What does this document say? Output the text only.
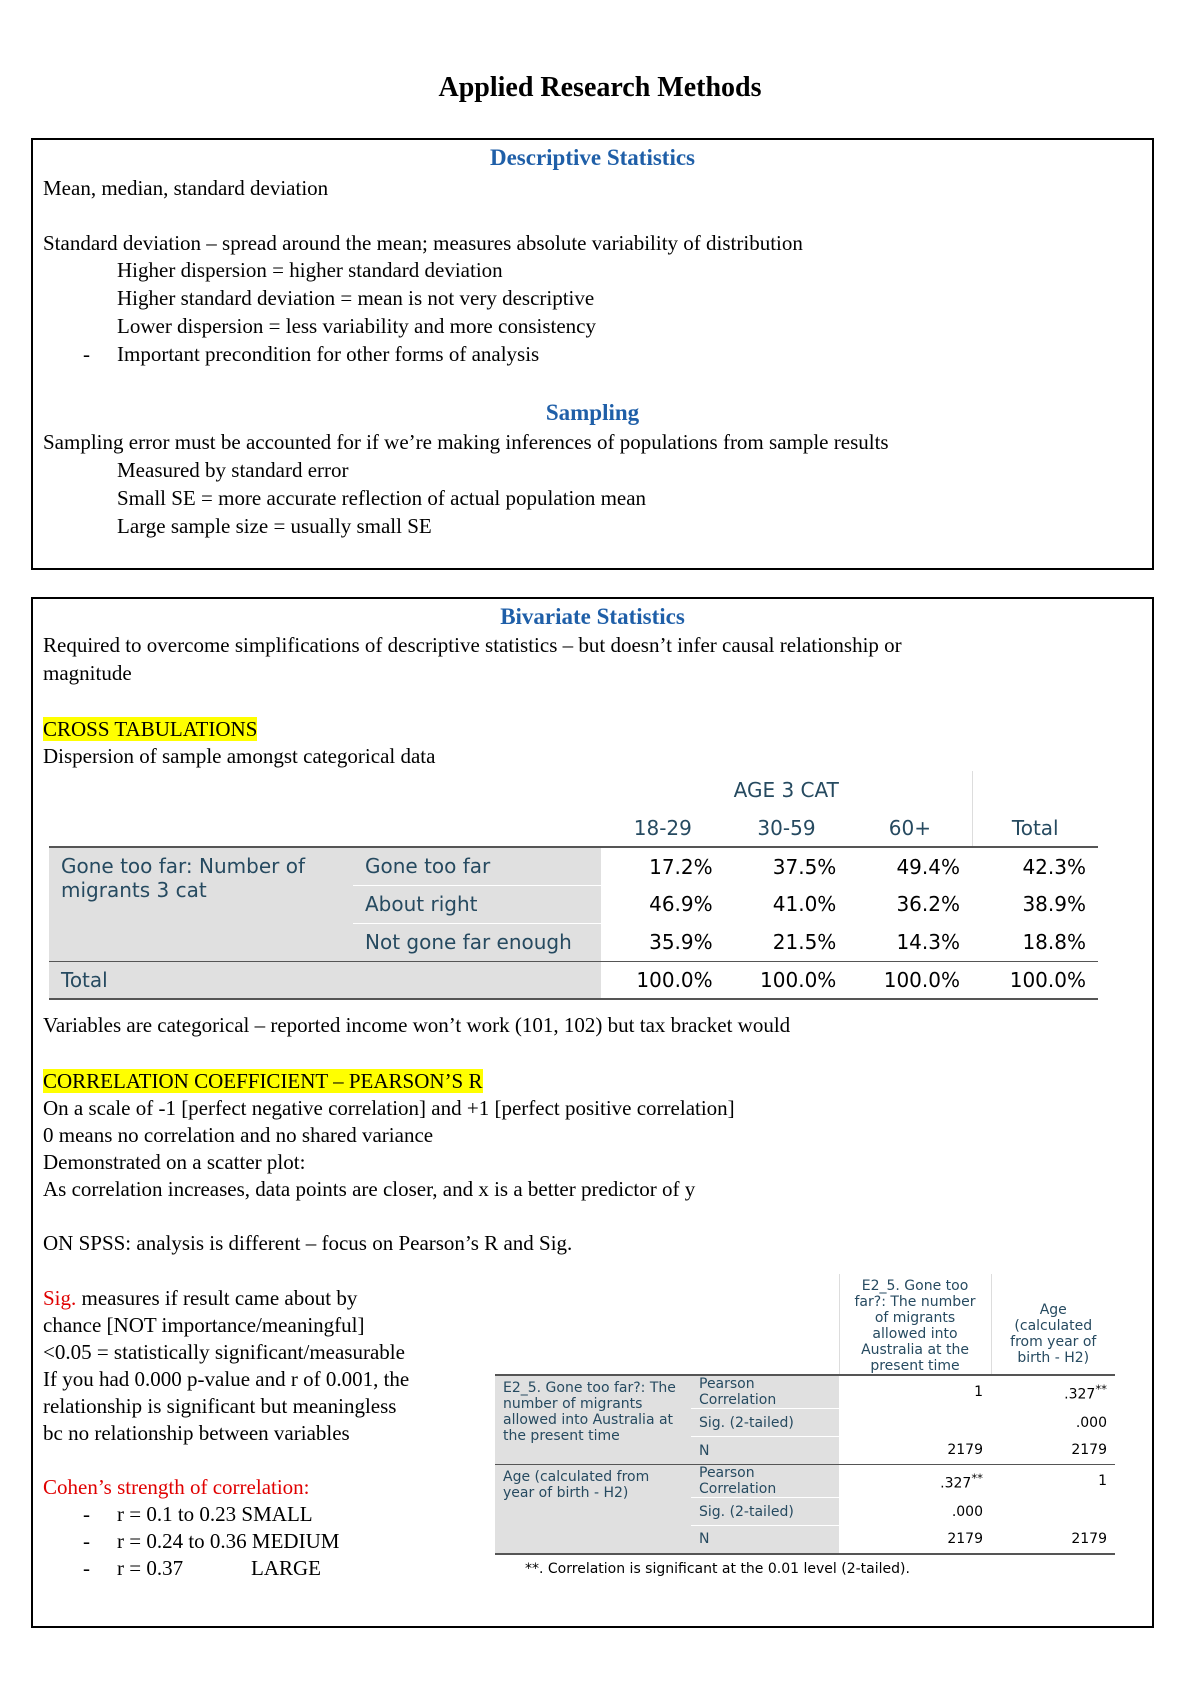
Applied Research Methods
Descriptive Statistics
Mean, median, standard deviation
Standard deviation – spread around the mean; measures absolute variability of distribution
Higher dispersion = higher standard deviation
Higher standard deviation = mean is not very descriptive
Lower dispersion = less variability and more consistency
- Important precondition for other forms of analysis
Sampling
Sampling error must be accounted for if we’re making inferences of populations from sample results
Measured by standard error
Small SE = more accurate reflection of actual population mean
Large sample size = usually small SE
Bivariate Statistics
Required to overcome simplifications of descriptive statistics – but doesn’t infer causal relationship or
magnitude
CROSS TABULATIONS
Dispersion of sample amongst categorical data
		AGE 3 CAT			
		18-29	30-59	60+	Total
Gone too far: Number of migrants 3 cat	Gone too far	17.2%	37.5%	49.4%	42.3%
	About right	46.9%	41.0%	36.2%	38.9%
	Not gone far enough	35.9%	21.5%	14.3%	18.8%
Total		100.0%	100.0%	100.0%	100.0%
Variables are categorical – reported income won’t work (101, 102) but tax bracket would
CORRELATION COEFFICIENT – PEARSON’S R
On a scale of -1 [perfect negative correlation] and +1 [perfect positive correlation]
0 means no correlation and no shared variance
Demonstrated on a scatter plot:
As correlation increases, data points are closer, and x is a better predictor of y
ON SPSS: analysis is different – focus on Pearson’s R and Sig.
Sig. measures if result came about by
chance [NOT importance/meaningful]
<0.05 = statistically significant/measurable
If you had 0.000 p-value and r of 0.001, the
relationship is significant but meaningless
bc no relationship between variables
Cohen’s strength of correlation:
- r = 0.1 to 0.23 SMALL
- r = 0.24 to 0.36 MEDIUM
- r = 0.37	LARGE
		E2_5. Gone too far?: The number of migrants allowed into Australia at the present time	Age (calculated from year of birth - H2)
E2_5. Gone too far?: The number of migrants allowed into Australia at the present time	Pearson Correlation	1	.327**
	Sig. (2-tailed)		.000
	N	2179	2179
Age (calculated from year of birth - H2)	Pearson Correlation	.327**	1
	Sig. (2-tailed)	.000	
	N	2179	2179
**. Correlation is significant at the 0.01 level (2-tailed).
